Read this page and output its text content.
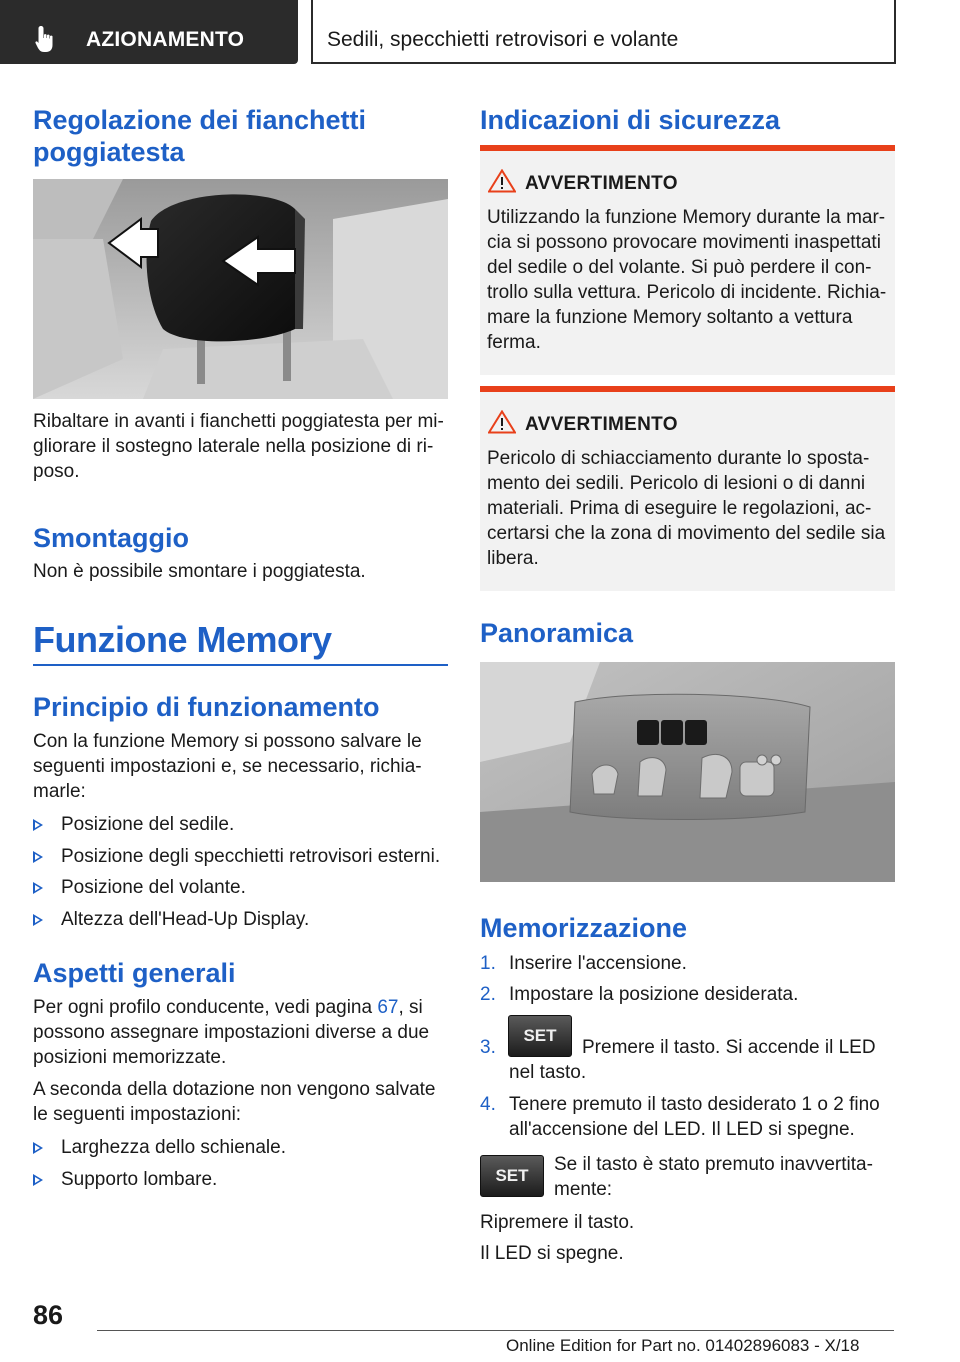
AZIONAMENTO	Sedili, specchietti retrovisori e volante
Regolazione dei fianchetti
poggiatesta
Ribaltare in avanti i fianchetti poggiatesta per mi-
gliorare il sostegno laterale nella posizione di ri-
poso.
Smontaggio
Non è possibile smontare i poggiatesta.
Funzione Memory
Principio di funzionamento
Con la funzione Memory si possono salvare le
seguenti impostazioni e, se necessario, richia-
marle:
Posizione del sedile.
Posizione degli specchietti retrovisori esterni.
Posizione del volante.
Altezza dell'Head-Up Display.
Aspetti generali
Per ogni profilo conducente, vedi pagina 67, si
possono assegnare impostazioni diverse a due
posizioni memorizzate.
A seconda della dotazione non vengono salvate
le seguenti impostazioni:
Larghezza dello schienale.
Supporto lombare.
Indicazioni di sicurezza
AVVERTIMENTO
Utilizzando la funzione Memory durante la mar-
cia si possono provocare movimenti inaspettati
del sedile o del volante. Si può perdere il con-
trollo sulla vettura. Pericolo di incidente. Richia-
mare la funzione Memory soltanto a vettura
ferma.
AVVERTIMENTO
Pericolo di schiacciamento durante lo sposta-
mento dei sedili. Pericolo di lesioni o di danni
materiali. Prima di eseguire le regolazioni, ac-
certarsi che la zona di movimento del sedile sia
libera.
Panoramica
Memorizzazione
1. Inserire l'accensione.
2. Impostare la posizione desiderata.
3.
SET
Premere il tasto. Si accende il LED
nel tasto.
4. Tenere premuto il tasto desiderato 1 o 2 fino
all'accensione del LED. Il LED si spegne.
SET
Se il tasto è stato premuto inavvertita-
mente:
Ripremere il tasto.
Il LED si spegne.
86
Online Edition for Part no. 01402896083 - X/18
